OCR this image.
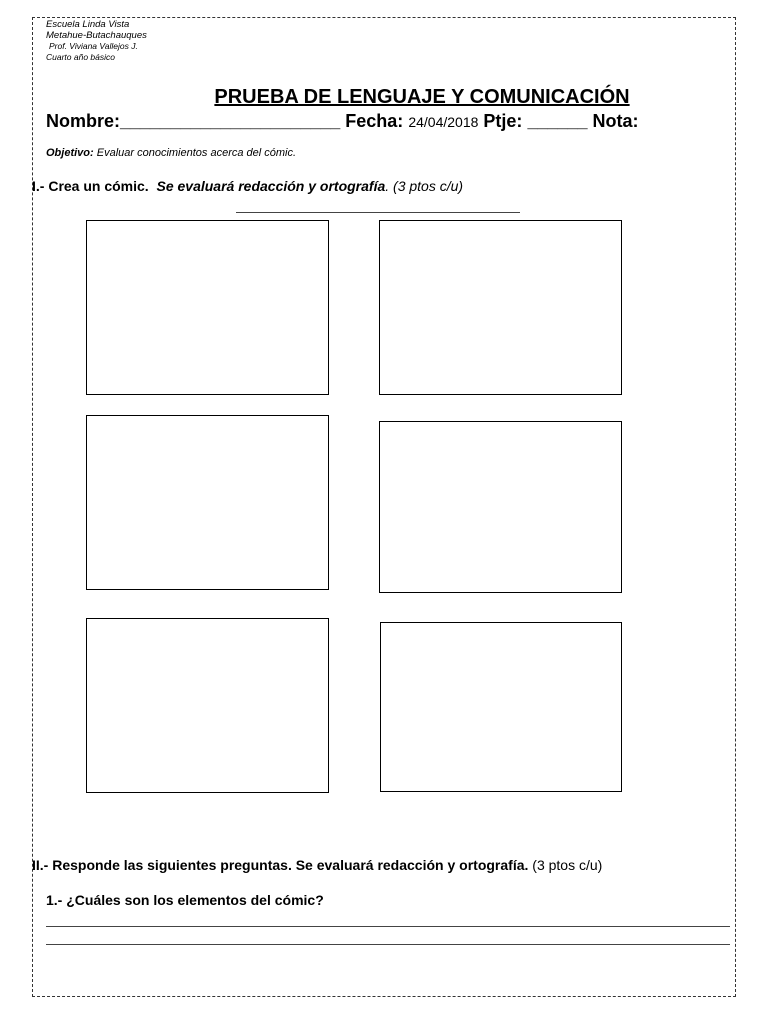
Escuela Linda Vista
Metahue-Butachauques
Prof. Viviana Vallejos J.
Cuarto año básico
PRUEBA DE LENGUAJE Y COMUNICACIÓN
Nombre:______________________ Fecha: 24/04/2018 Ptje: ______ Nota:
Objetivo: Evaluar conocimientos acerca del cómic.
I.- Crea un cómic. Se evaluará redacción y ortografía. (3 ptos c/u)
II.- Responde las siguientes preguntas. Se evaluará redacción y ortografía. (3 ptos c/u)
1.- ¿Cuáles son los elementos del cómic?
